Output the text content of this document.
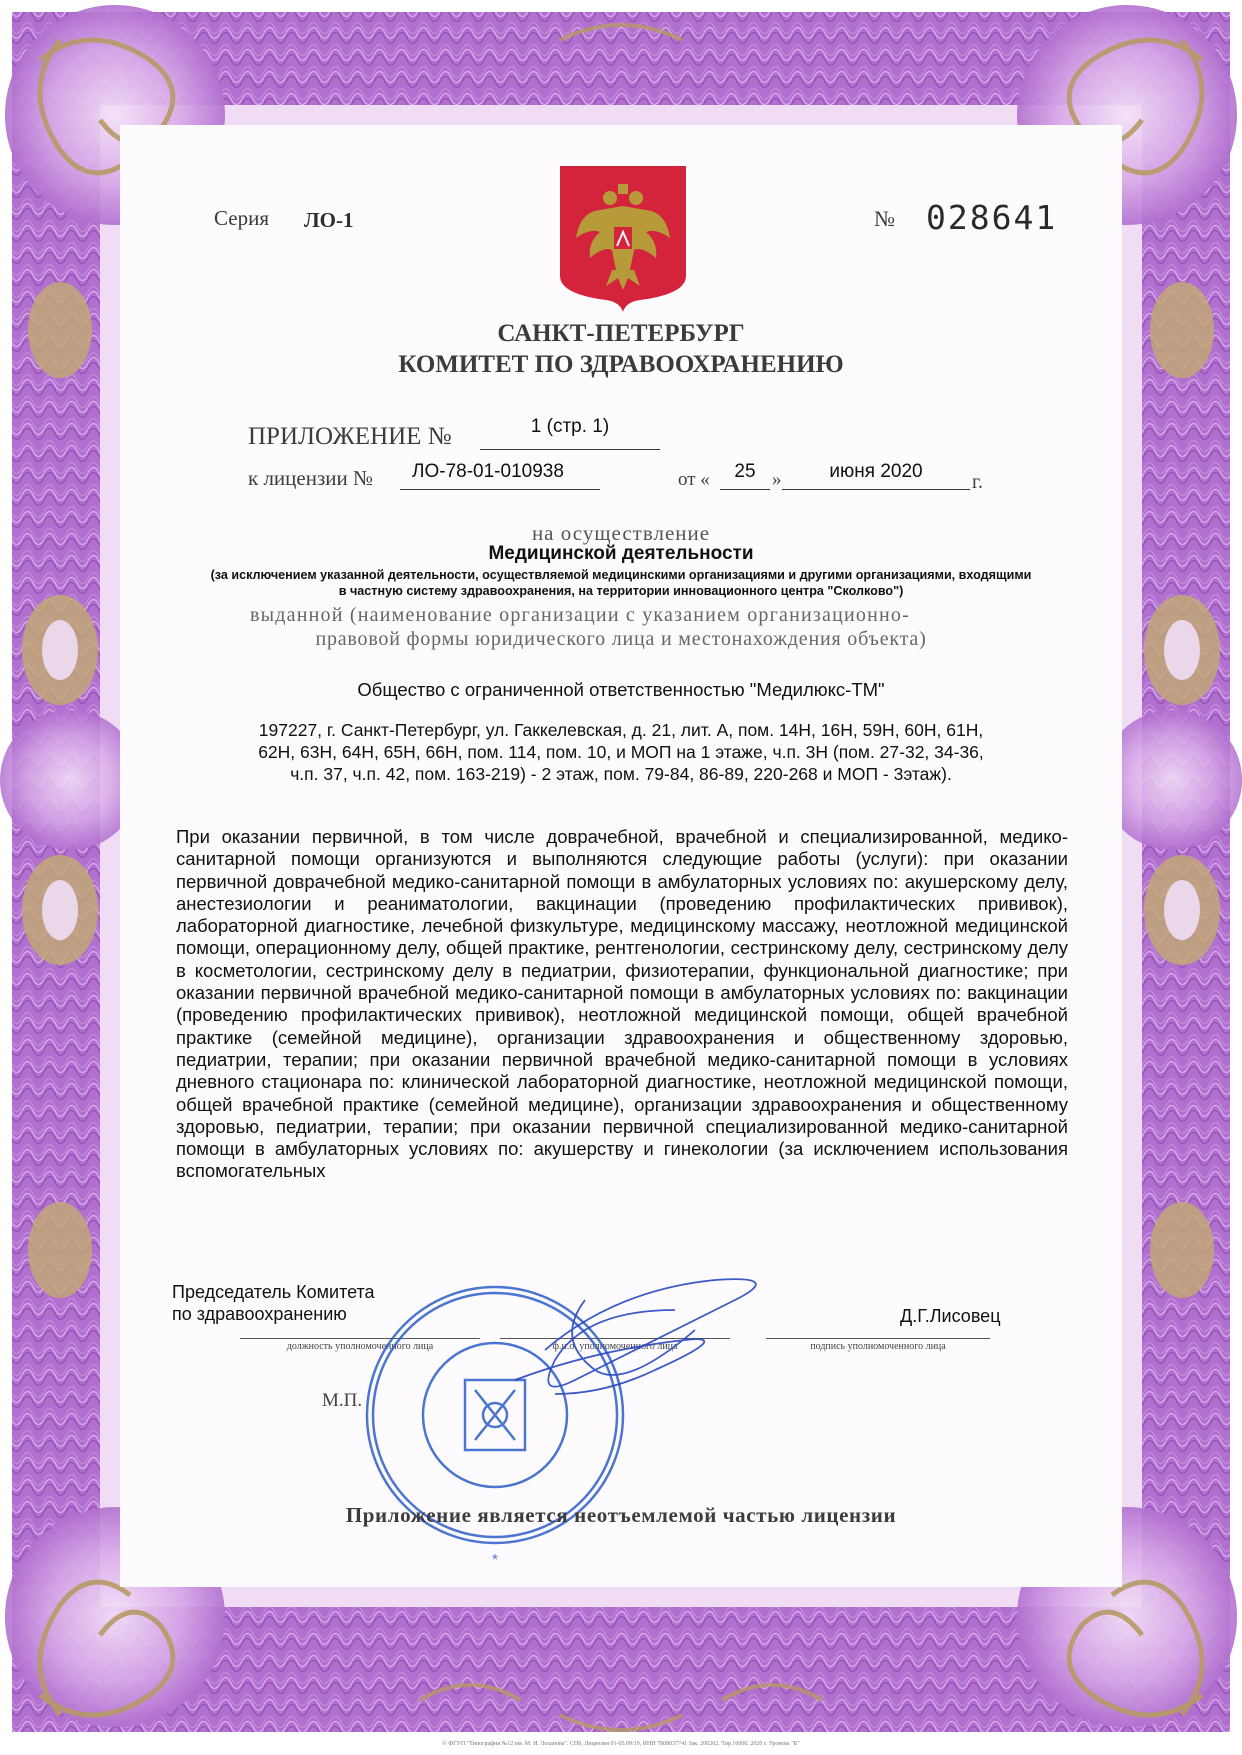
Серия ЛО-1	№ 028641
САНКТ-ПЕТЕРБУРГ
КОМИТЕТ ПО ЗДРАВООХРАНЕНИЮ
ПРИЛОЖЕНИЕ №	1 (стр. 1)
к лицензии № ЛО-78-01-010938	от «	25 »	июня 2020	г.
на осуществление
Медицинской деятельности
(за исключением указанной деятельности, осуществляемой медицинскими организациями и другими организациями, входящими
в частную систему здравоохранения, на территории инновационного центра "Сколково")
выданной (наименование организации с указанием организационно-
правовой формы юридического лица и местонахождения объекта)
Общество с ограниченной ответственностью "Медилюкс-ТМ"
197227, г. Санкт-Петербург, ул. Гаккелевская, д. 21, лит. А, пом. 14Н, 16Н, 59Н, 60Н, 61Н,
62Н, 63Н, 64Н, 65Н, 66Н, пом. 114, пом. 10, и МОП на 1 этаже, ч.п. 3Н (пом. 27-32, 34-36,
ч.п. 37, ч.п. 42, пом. 163-219) - 2 этаж, пом. 79-84, 86-89, 220-268 и МОП - 3этаж).
При оказании первичной, в том числе доврачебной, врачебной и специализированной, медико-санитарной помощи организуются и выполняются следующие работы (услуги): при оказании первичной доврачебной медико-санитарной помощи в амбулаторных условиях по: акушерскому делу, анестезиологии и реаниматологии, вакцинации (проведению профилактических прививок), лабораторной диагностике, лечебной физкультуре, медицинскому массажу, неотложной медицинской помощи, операционному делу, общей практике, рентгенологии, сестринскому делу, сестринскому делу в косметологии, сестринскому делу в педиатрии, физиотерапии, функциональной диагностике; при оказании первичной врачебной медико-санитарной помощи в амбулаторных условиях по: вакцинации (проведению профилактических прививок), неотложной медицинской помощи, общей врачебной практике (семейной медицине), организации здравоохранения и общественному здоровью, педиатрии, терапии; при оказании первичной врачебной медико-санитарной помощи в условиях дневного стационара по: клинической лабораторной диагностике, неотложной медицинской помощи, общей врачебной практике (семейной медицине), организации здравоохранения и общественному здоровью, педиатрии, терапии; при оказании первичной специализированной медико-санитарной помощи в амбулаторных условиях по: акушерству и гинекологии (за исключением использования вспомогательных
Председатель Комитета
по здравоохранению	Д.Г.Лисовец
должность уполномоченного лица	ф.и.о. уполномоченного лица	подпись уполномоченного лица
М.П.
*
Приложение является неотъемлемой частью лицензии
© ФГУП "Типография №12 им. М. И. Лоханова". СПб, Лицензия 01-05.09/19, ИНН 7808037741 Зак. 200202. Тир.10000. 2020 г. Уровень "Б"
